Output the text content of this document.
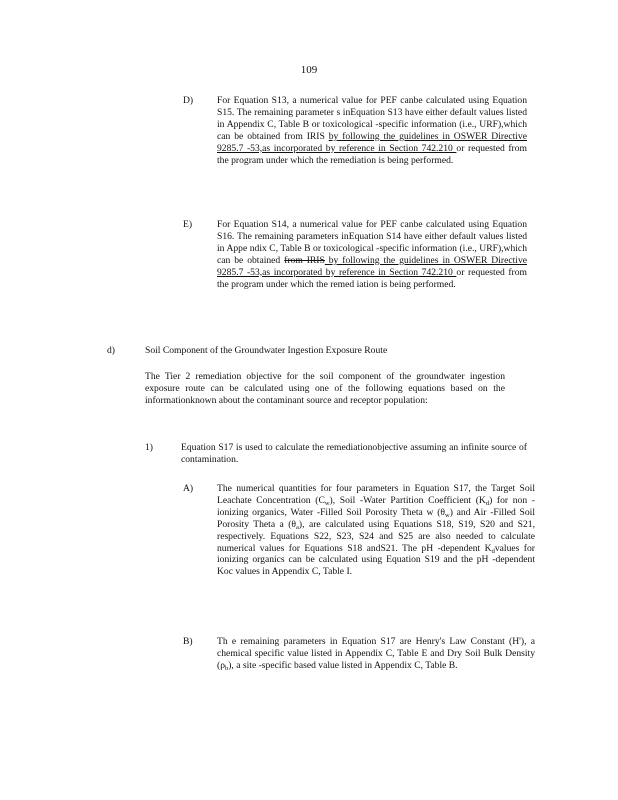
109
D) For Equation S13, a numerical value for PEF canbe calculated using Equation S15. The remaining parameter s inEquation S13 have either default values listed in Appendix C, Table B or toxicological -specific information (i.e., URF),which can be obtained from IRIS by following the guidelines in OSWER Directive 9285.7 -53,as incorporated by reference in Section 742.210 or requested from the program under which the remediation is being performed.

E)	For Equation S14, a numerical value for PEF canbe calculated using Equation S16. The remaining parameters inEquation S14 have either default values listed in Appe ndix C, Table B or toxicological -specific information (i.e., URF),which can be obtained from IRIS by following the guidelines in OSWER Directive 9285.7 -53,as incorporated by reference in Section 742.210 or requested from the program under which the remed iation is being performed.

d)	Soil Component of the Groundwater Ingestion Exposure Route
The Tier 2 remediation objective for the soil component of the groundwater ingestion exposure route can be calculated using one of the following equations based on the informationknown about the contaminant source and receptor population:
1)	Equation S17 is used to calculate the remediationobjective assuming an infinite source of contamination.
A) The numerical quantities for four parameters in Equation S17, the Target Soil Leachate Concentration $(C_w)$, Soil -Water Partition Coefficient $(K_d)$ for non -ionizing organics, Water -Filled Soil Porosity Theta w $(\theta_w)$ and Air -Filled Soil Porosity Theta a $(\theta_a)$, are calculated using Equations S18, S19, S20 and S21, respectively. Equations S22, S23, S24 and S25 are also needed to calculate numerical values for Equations S18 andS21. The pH -dependent $K_dvalues$ for ionizing organics can be calculated using Equation S19 and the pH -dependent Koc values in Appendix C, Table I.

B)	Th e remaining parameters in Equation S17 are Henry's Law Constant (H'), a chemical specific value listed in Appendix C, Table E and Dry Soil Bulk Density $(\rho_b)$, a site -specific based value listed in Appendix C, Table B.
